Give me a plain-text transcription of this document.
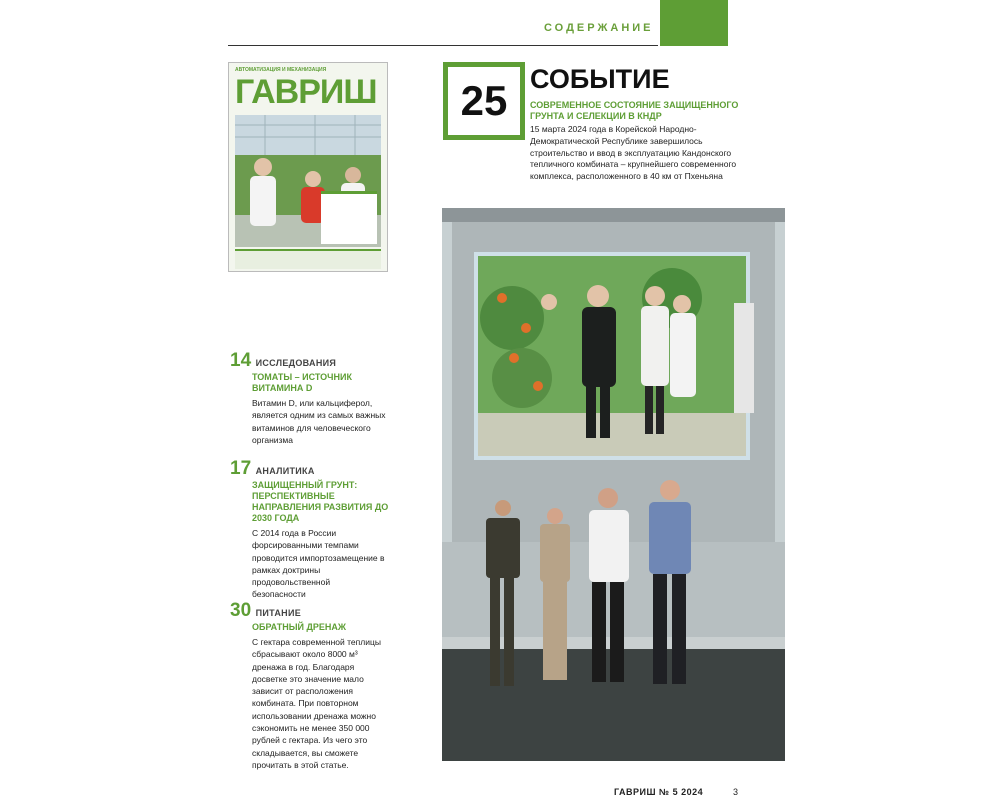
СОДЕРЖАНИЕ
АВТОМАТИЗАЦИЯ И МЕХАНИЗАЦИЯ
ГАВРИШ	25 СОБЫТИЕ
СОВРЕМЕННОЕ СОСТОЯНИЕ ЗАЩИЩЕННОГО ГРУНТА И СЕЛЕКЦИИ В КНДР
15 марта 2024 года в Корейской Народно-Демократической Республике завершилось строительство и ввод в эксплуатацию Кандонского тепличного комбината – крупнейшего современного комплекса, расположенного в 40 км от Пхеньяна
14 ИССЛЕДОВАНИЯ
ТОМАТЫ – ИСТОЧНИК ВИТАМИНА D
Витамин D, или кальциферол, является одним из самых важных витаминов для человеческого организма
17 АНАЛИТИКА
ЗАЩИЩЕННЫЙ ГРУНТ: ПЕРСПЕКТИВНЫЕ НАПРАВЛЕНИЯ РАЗВИТИЯ ДО 2030 ГОДА
С 2014 года в России форсированными темпами проводится импортозамещение в рамках доктрины продовольственной безопасности
30 ПИТАНИЕ
ОБРАТНЫЙ ДРЕНАЖ
С гектара современной теплицы сбрасывают около 8000 м³ дренажа в год. Благодаря досветке это значение мало зависит от расположения комбината. При повторном использовании дренажа можно сэкономить не менее 350 000 рублей с гектара. Из чего это складывается, вы сможете прочитать в этой статье.
ГАВРИШ № 5 2024	3
